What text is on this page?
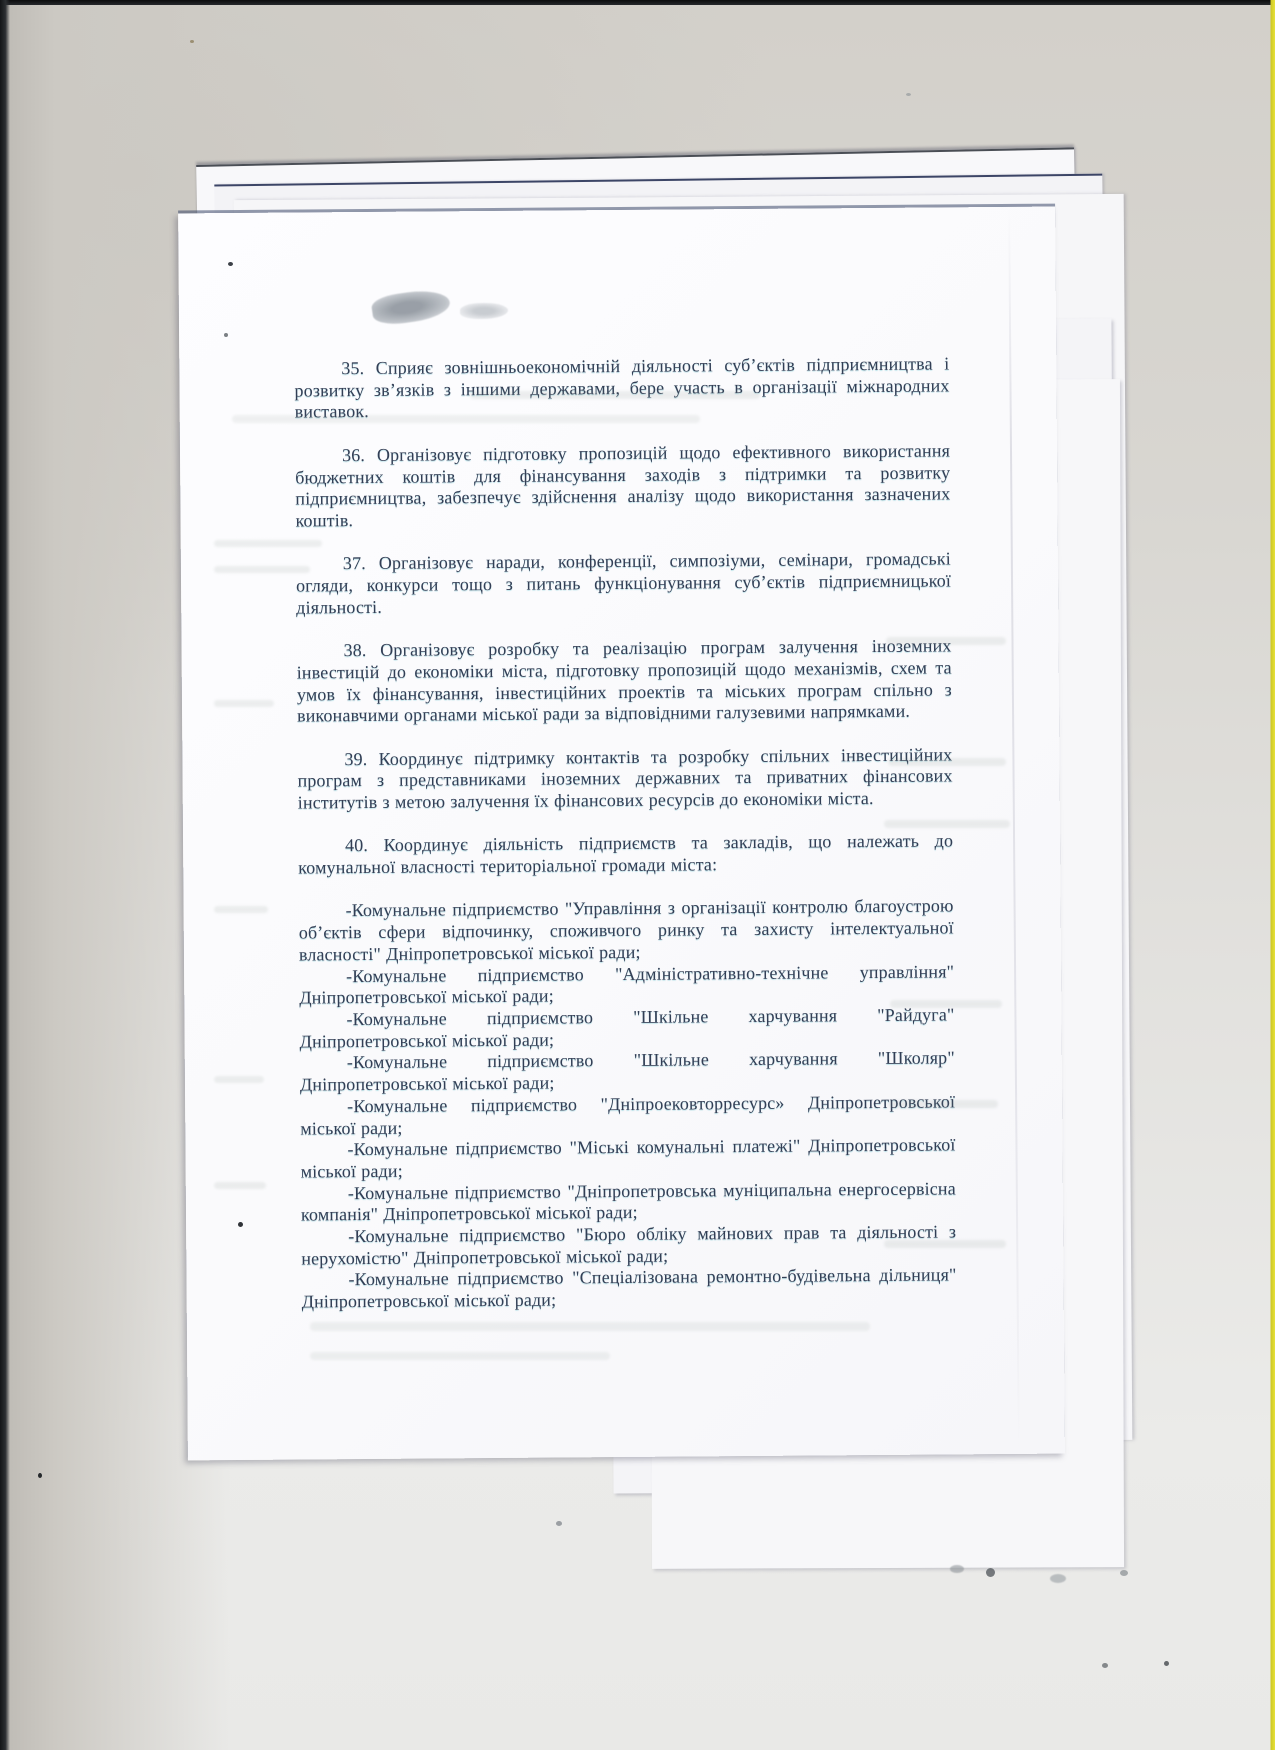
35. Сприяє зовнішньоекономічній діяльності суб’єктів підприємництва і розвитку зв’язків з іншими державами, бере участь в організації міжнародних виставок.

36. Організовує підготовку пропозицій щодо ефективного використання бюджетних коштів для фінансування заходів з підтримки та розвитку підприємництва, забезпечує здійснення аналізу щодо використання зазначених коштів.

37. Організовує наради, конференції, симпозіуми, семінари, громадські огляди, конкурси тощо з питань функціонування суб’єктів підприємницької діяльності.

38. Організовує розробку та реалізацію програм залучення іноземних інвестицій до економіки міста, підготовку пропозицій щодо механізмів, схем та умов їх фінансування, інвестиційних проектів та міських програм спільно з виконавчими органами міської ради за відповідними галузевими напрямками.

39. Координує підтримку контактів та розробку спільних інвестиційних програм з представниками іноземних державних та приватних фінансових інститутів з метою залучення їх фінансових ресурсів до економіки міста.

40. Координує діяльність підприємств та закладів, що належать до комунальної власності територіальної громади міста:

-Комунальне підприємство "Управління з організації контролю благоустрою об’єктів сфери відпочинку, споживчого ринку та захисту інтелектуальної власності" Дніпропетровської міської ради;

-Комунальне підприємство "Адміністративно-технічне управління" Дніпропетровської міської ради;

-Комунальне підприємство "Шкільне харчування "Райдуга" Дніпропетровської міської ради;

-Комунальне підприємство "Шкільне харчування "Школяр" Дніпропетровської міської ради;

-Комунальне підприємство "Дніпроековторресурс» Дніпропетровської міської ради;

-Комунальне підприємство "Міські комунальні платежі" Дніпропетровської міської ради;

-Комунальне підприємство "Дніпропетровська муніципальна енергосервісна компанія" Дніпропетровської міської ради;

-Комунальне підприємство "Бюро обліку майнових прав та діяльності з нерухомістю" Дніпропетровської міської ради;

-Комунальне підприємство "Спеціалізована ремонтно-будівельна дільниця" Дніпропетровської міської ради;
